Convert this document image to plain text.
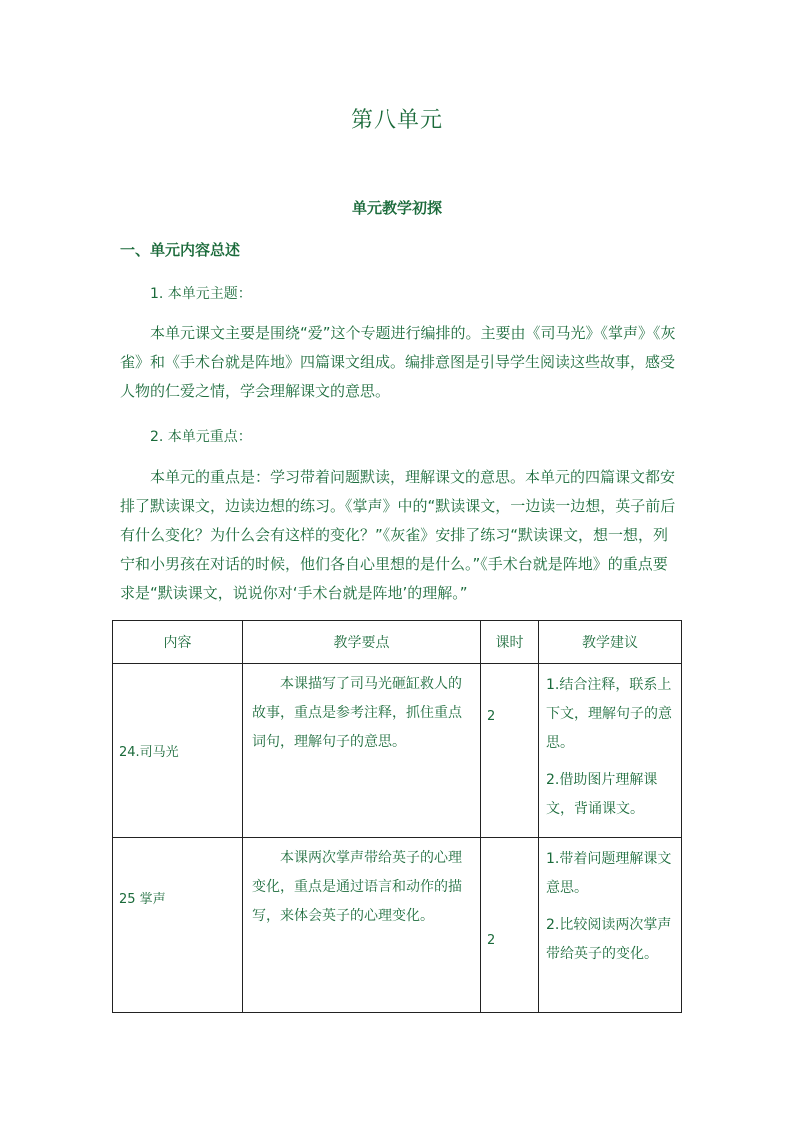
第八单元
单元教学初探
一、单元内容总述
1. 本单元主题：
本单元课文主要是围绕“爱”这个专题进行编排的。主要由《司马光》《掌声》《灰雀》和《手术台就是阵地》四篇课文组成。编排意图是引导学生阅读这些故事，感受人物的仁爱之情，学会理解课文的意思。
2. 本单元重点：
本单元的重点是：学习带着问题默读，理解课文的意思。本单元的四篇课文都安排了默读课文，边读边想的练习。《掌声》中的“默读课文，一边读一边想，英子前后有什么变化？为什么会有这样的变化？”《灰雀》安排了练习“默读课文，想一想，列宁和小男孩在对话的时候，他们各自心里想的是什么。”《手术台就是阵地》的重点要求是“默读课文，说说你对‘手术台就是阵地’的理解。”
内容	教学要点	课时	教学建议
24.司马光	本课描写了司马光砸缸救人的故事，重点是参考注释，抓住重点词句，理解句子的意思。	2	1.结合注释，联系上下文，理解句子的意思。

2.借助图片理解课文，背诵课文。

25 掌声	本课两次掌声带给英子的心理变化，重点是通过语言和动作的描写，来体会英子的心理变化。	2	1.带着问题理解课文意思。

2.比较阅读两次掌声带给英子的变化。
